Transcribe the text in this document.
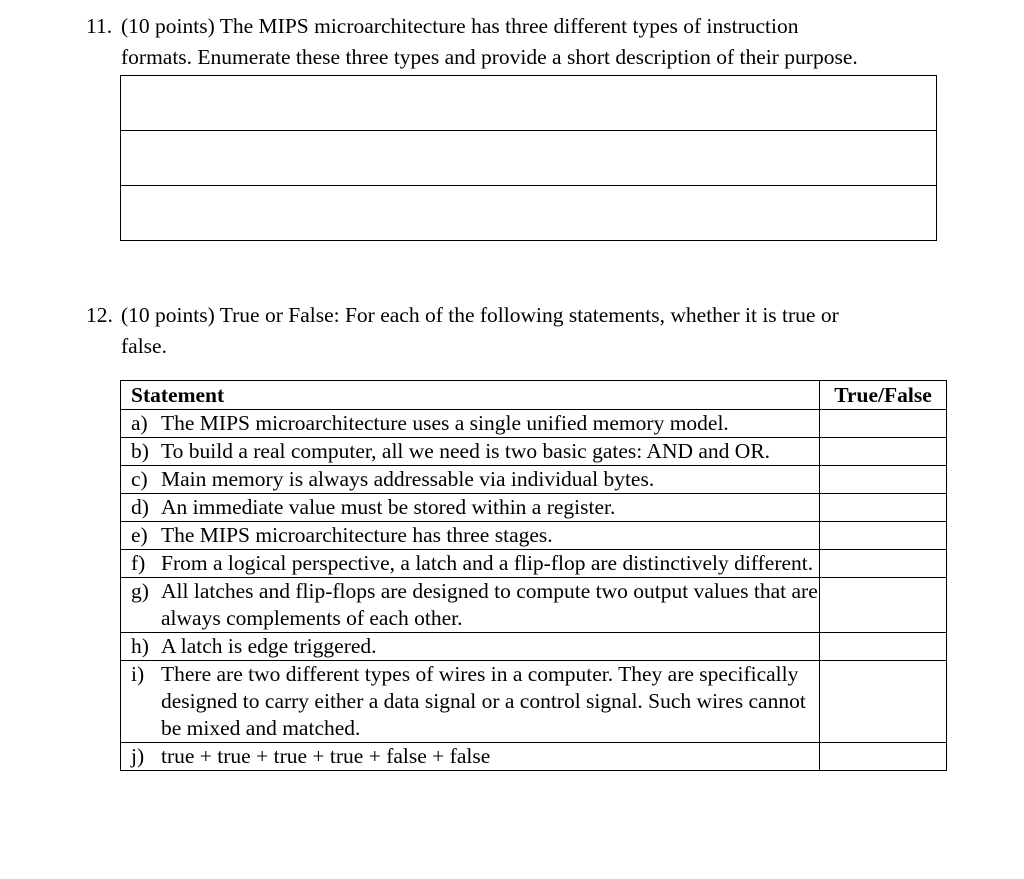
11. (10 points) The MIPS microarchitecture has three different types of instruction
formats. Enumerate these three types and provide a short description of their purpose.
12. (10 points) True or False: For each of the following statements, whether it is true or
false.
Statement	True/False

a) The MIPS microarchitecture uses a single unified memory model.	

b) To build a real computer, all we need is two basic gates: AND and OR.	

c) Main memory is always addressable via individual bytes.	

d) An immediate value must be stored within a register.	

e) The MIPS microarchitecture has three stages.	

f) From a logical perspective, a latch and a flip-flop are distinctively different.	

g) All latches and flip-flops are designed to compute two output values that are always complements of each other.	

h) A latch is edge triggered.	

i) There are two different types of wires in a computer. They are specifically designed to carry either a data signal or a control signal. Such wires cannot be mixed and matched.	

j) true + true + true + true + false + false	
